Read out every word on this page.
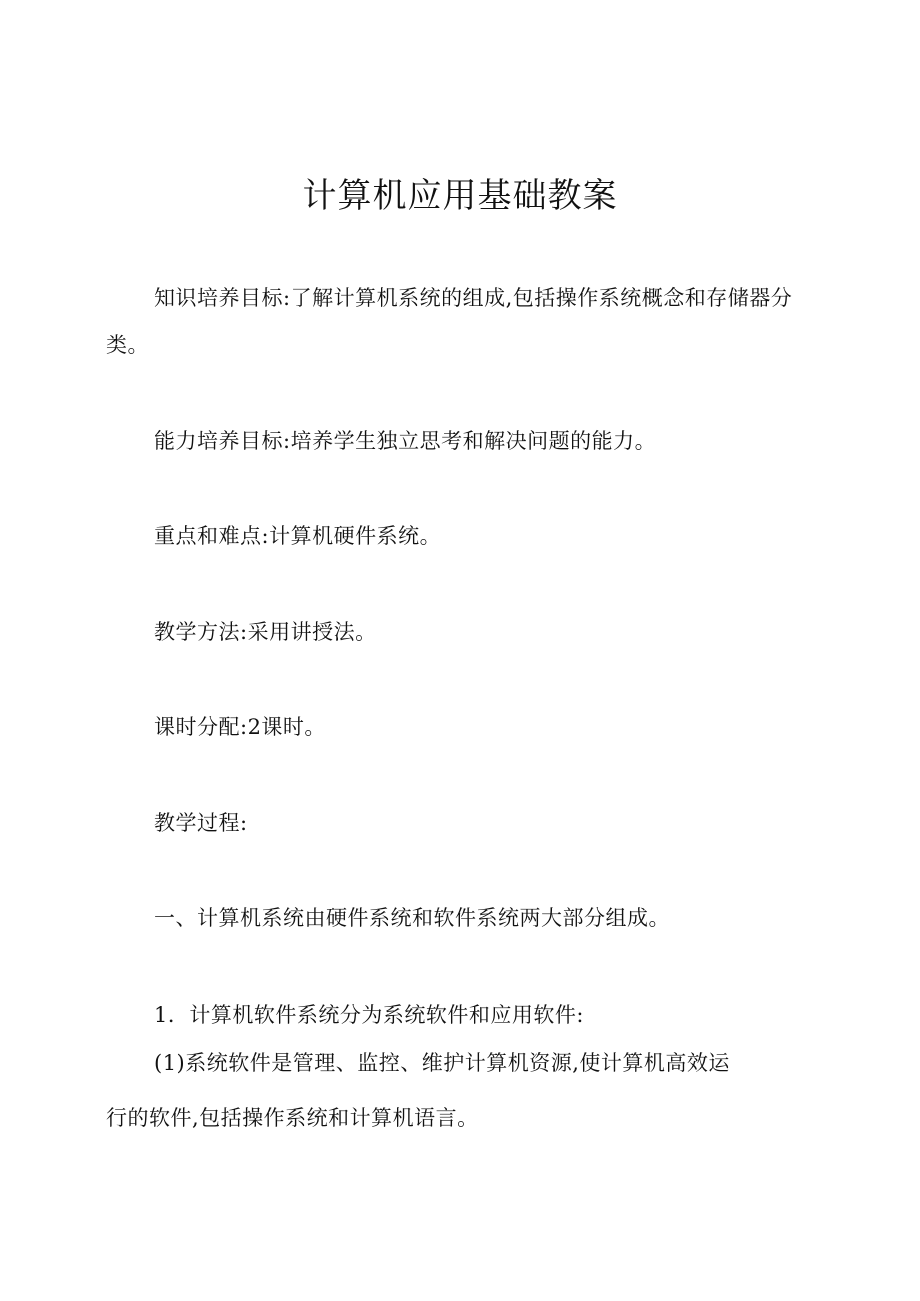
计算机应用基础教案

知识培养目标:了解计算机系统的组成,包括操作系统概念和存储器分

类。

能力培养目标:培养学生独立思考和解决问题的能力。

重点和难点:计算机硬件系统。

教学方法:采用讲授法。

课时分配:2课时。

教学过程:

一、计算机系统由硬件系统和软件系统两大部分组成。

1．计算机软件系统分为系统软件和应用软件:

(1)系统软件是管理、监控、维护计算机资源,使计算机高效运

行的软件,包括操作系统和计算机语言。
